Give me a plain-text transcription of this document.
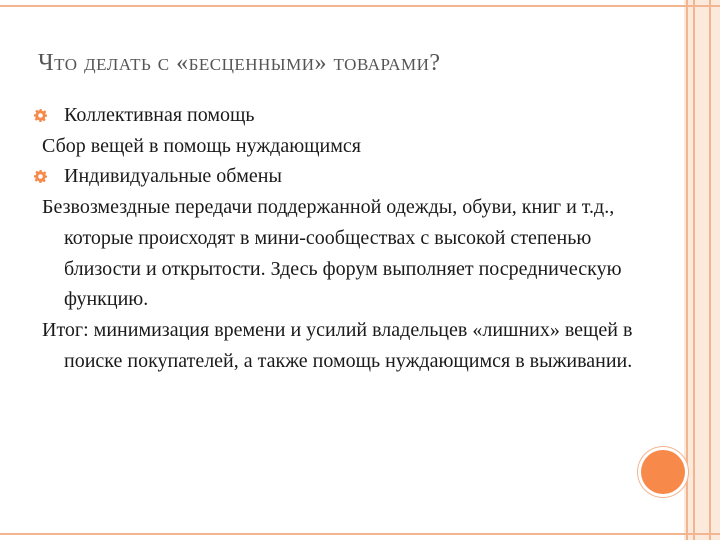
Что делать с «бесценными» товарами?
Коллективная помощь
Сбор вещей в помощь нуждающимся
Индивидуальные обмены
Безвозмездные передачи поддержанной одежды, обуви, книг и т.д., которые происходят в мини-сообществах с высокой степенью близости и открытости. Здесь форум выполняет посредническую функцию.
Итог: минимизация времени и усилий владельцев «лишних» вещей в поиске покупателей, а также помощь нуждающимся в выживании.
